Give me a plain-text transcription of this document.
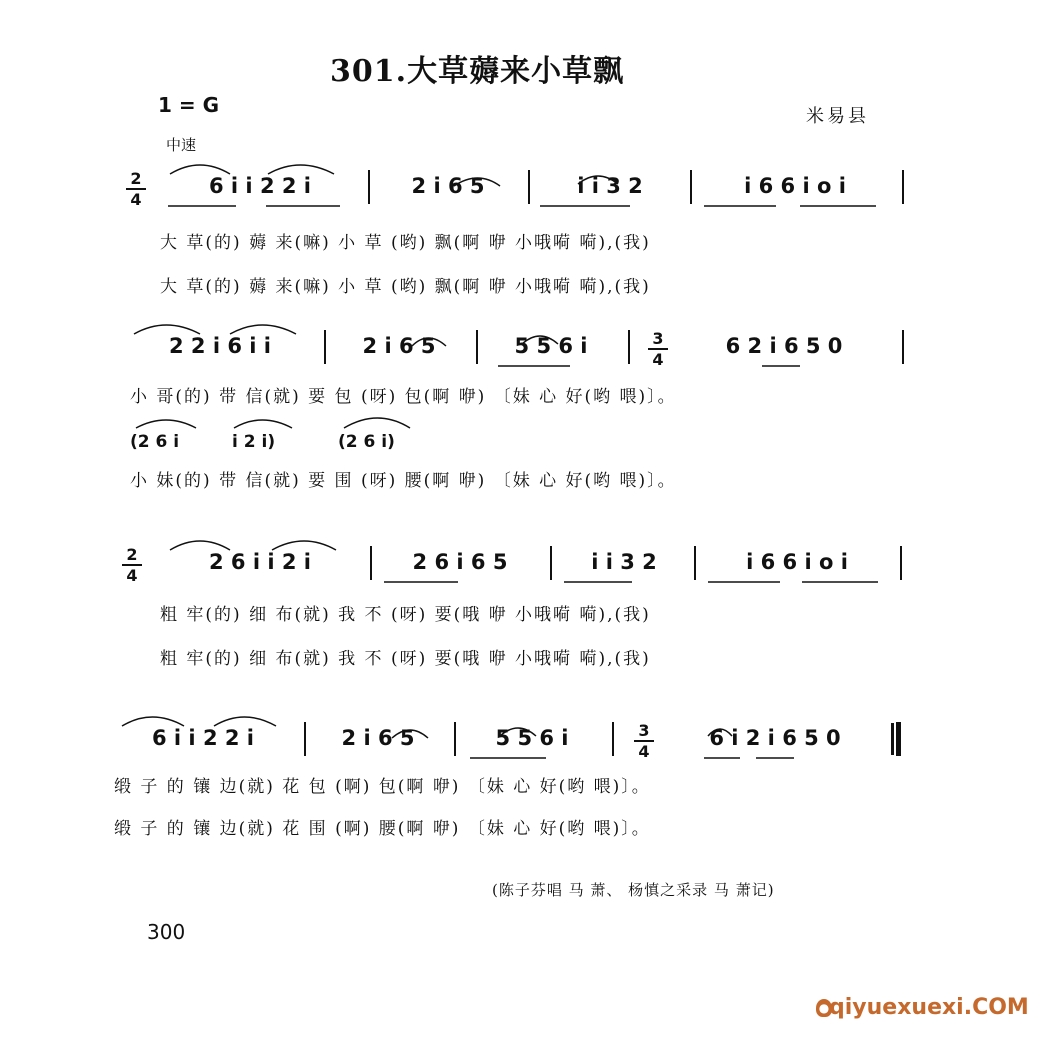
301.大草薅来小草飘
1 = G	米易县
中速
2
4
6 i i 2 2 i	2 i 6 5	i i 3 2	i 6 6 i o i
大 草(的) 薅 来(嘛) 小 草 (哟) 飘(啊 咿 小哦嗬 嗬),(我)
大 草(的) 薅 来(嘛) 小 草 (哟) 飘(啊 咿 小哦嗬 嗬),(我)
2 2 i 6 i i	2 i 6 5	5 5 6 i	3
4
6 2 i 6 5 0
小 哥(的) 带 信(就) 要 包 (呀) 包(啊 咿) 〔妹 心 好(哟 喂)〕。
(2 6 i	i 2 i)	(2 6 i)
小 妹(的) 带 信(就) 要 围 (呀) 腰(啊 咿) 〔妹 心 好(哟 喂)〕。
2
4
2 6 i i 2 i	2 6 i 6 5	i i 3 2	i 6 6 i o i
粗 牢(的) 细 布(就) 我 不 (呀) 要(哦 咿 小哦嗬 嗬),(我)
粗 牢(的) 细 布(就) 我 不 (呀) 要(哦 咿 小哦嗬 嗬),(我)
6 i i 2 2 i	2 i 6 5	5 5 6 i	3
4
6 i 2 i 6 5 0
缎 子 的 镶 边(就) 花 包 (啊) 包(啊 咿) 〔妹 心 好(哟 喂)〕。
缎 子 的 镶 边(就) 花 围 (啊) 腰(啊 咿) 〔妹 心 好(哟 喂)〕。
(陈子芬唱 马 萧、 杨慎之采录 马 萧记)
300
● qiyuexuexi.COM
